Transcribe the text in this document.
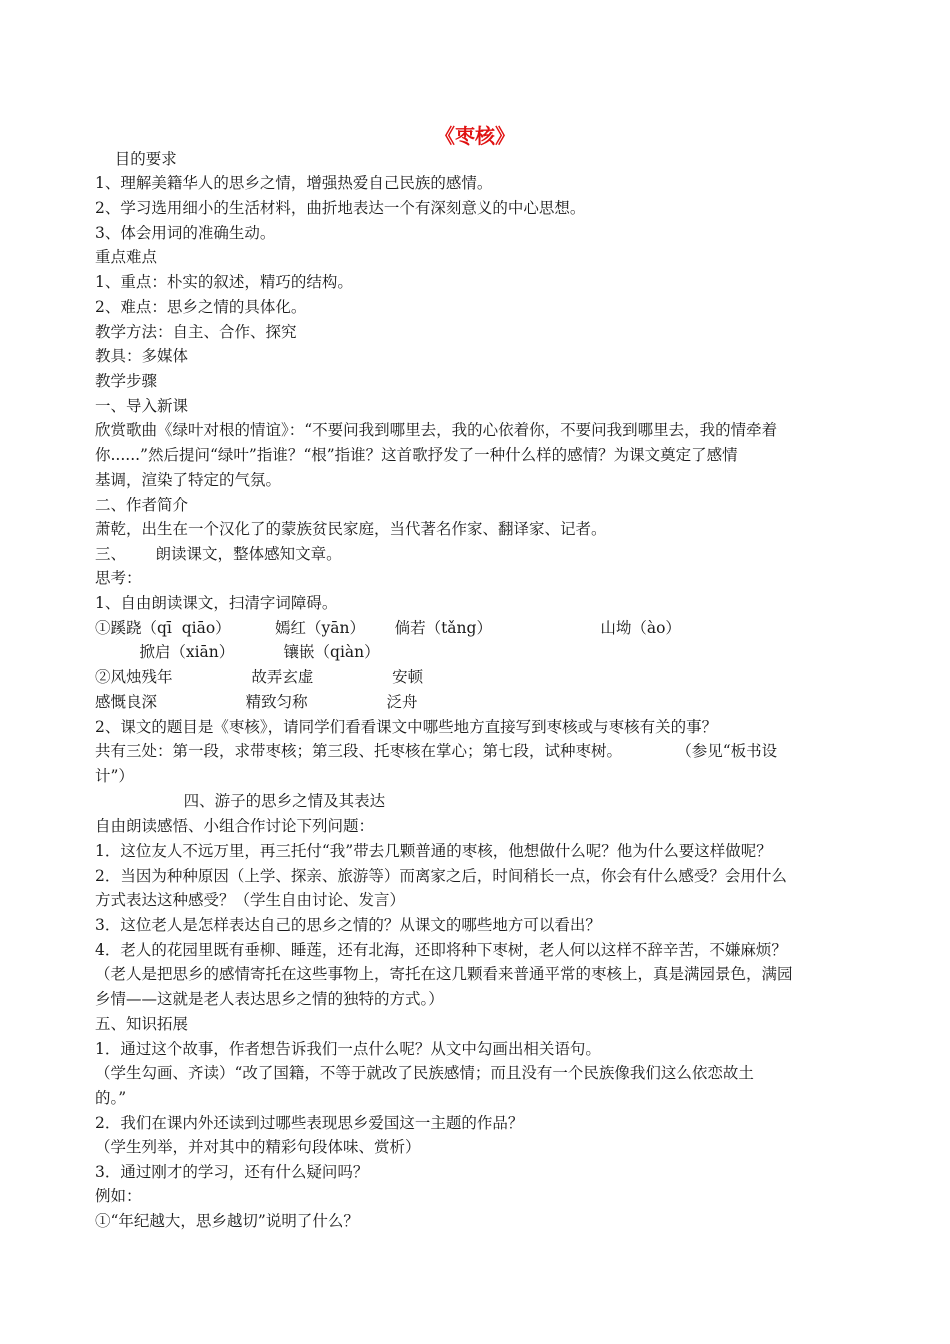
《枣核》
目的要求
1、理解美籍华人的思乡之情，增强热爱自己民族的感情。
2、学习选用细小的生活材料，曲折地表达一个有深刻意义的中心思想。
3、体会用词的准确生动。
重点难点
1、重点：朴实的叙述，精巧的结构。
2、难点：思乡之情的具体化。
教学方法：自主、合作、探究
教具：多媒体
教学步骤
一、导入新课
欣赏歌曲《绿叶对根的情谊》：“不要问我到哪里去，我的心依着你，不要问我到哪里去，我的情牵着
你......”然后提问“绿叶”指谁？“根”指谁？这首歌抒发了一种什么样的感情？为课文奠定了感情
基调，渲染了特定的气氛。
二、作者简介
萧乾，出生在一个汉化了的蒙族贫民家庭，当代著名作家、翻译家、记者。
三、      朗读课文，整体感知文章。
思考：
1、自由朗读课文，扫清字词障碍。
①蹊跷（qī  qiāo）         嫣红（yān）      倘若（tǎng）                      山坳（ào）
掀启（xiān）          镶嵌（qiàn）
②风烛残年                故弄玄虚                安顿
感慨良深                  精致匀称                泛舟
2、课文的题目是《枣核》，请同学们看看课文中哪些地方直接写到枣核或与枣核有关的事？
共有三处：第一段，求带枣核；第三段、托枣核在掌心；第七段，试种枣树。           （参见“板书设
计”）
四、游子的思乡之情及其表达
自由朗读感悟、小组合作讨论下列问题：
1．这位友人不远万里，再三托付“我”带去几颗普通的枣核，他想做什么呢？他为什么要这样做呢？
2．当因为种种原因（上学、探亲、旅游等）而离家之后，时间稍长一点，你会有什么感受？会用什么
方式表达这种感受？（学生自由讨论、发言）
3．这位老人是怎样表达自己的思乡之情的？从课文的哪些地方可以看出？
4．老人的花园里既有垂柳、睡莲，还有北海，还即将种下枣树，老人何以这样不辞辛苦，不嫌麻烦？
（老人是把思乡的感情寄托在这些事物上，寄托在这几颗看来普通平常的枣核上，真是满园景色，满园
乡情——这就是老人表达思乡之情的独特的方式。）
五、知识拓展
1．通过这个故事，作者想告诉我们一点什么呢？从文中勾画出相关语句。
（学生勾画、齐读）“改了国籍，不等于就改了民族感情；而且没有一个民族像我们这么依恋故土
的。”
2．我们在课内外还读到过哪些表现思乡爱国这一主题的作品？
（学生列举，并对其中的精彩句段体味、赏析）
3．通过刚才的学习，还有什么疑问吗？
例如：
①“年纪越大，思乡越切”说明了什么？
